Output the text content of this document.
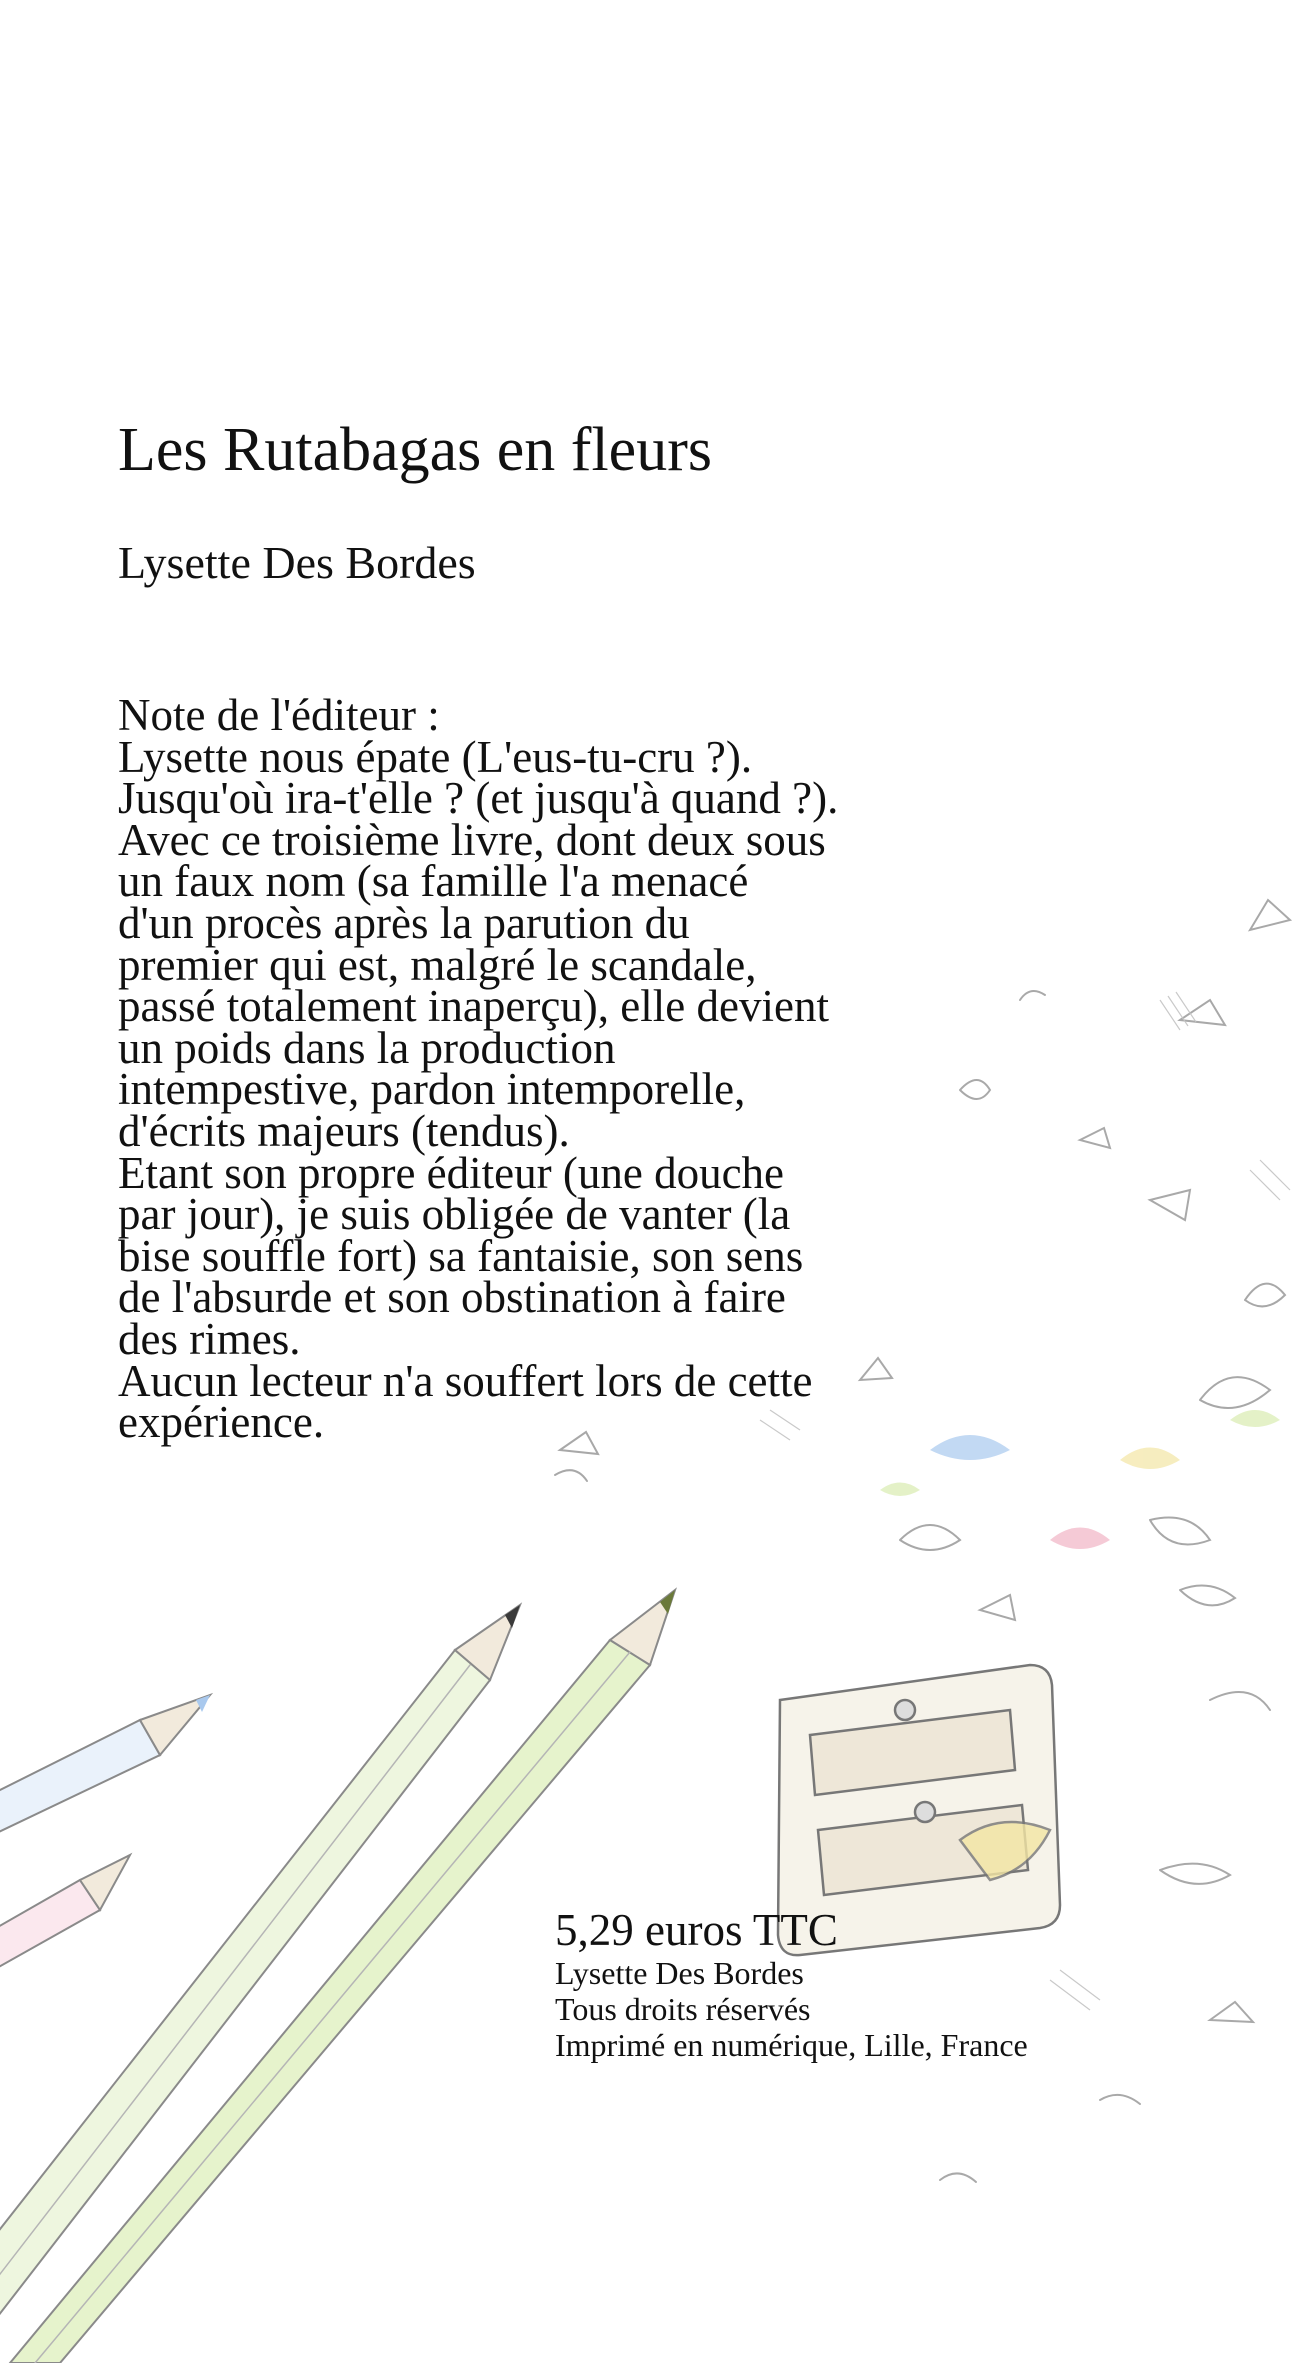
Les Rutabagas en fleurs
Lysette Des Bordes
Note de l'éditeur :
Lysette nous épate (L'eus-tu-cru ?).
Jusqu'où ira-t'elle ? (et jusqu'à quand ?).
Avec ce troisième livre, dont deux sous
un faux nom (sa famille l'a menacé
d'un procès après la parution du
premier qui est, malgré le scandale,
passé totalement inaperçu), elle devient
un poids dans la production
intempestive, pardon intemporelle,
d'écrits majeurs (tendus).
Etant son propre éditeur (une douche
par jour), je suis obligée de vanter (la
bise souffle fort) sa fantaisie, son sens
de l'absurde et son obstination à faire
des rimes.
Aucun lecteur n'a souffert lors de cette
expérience.
5,29 euros TTC
Lysette Des Bordes
Tous droits réservés
Imprimé en numérique, Lille, France
